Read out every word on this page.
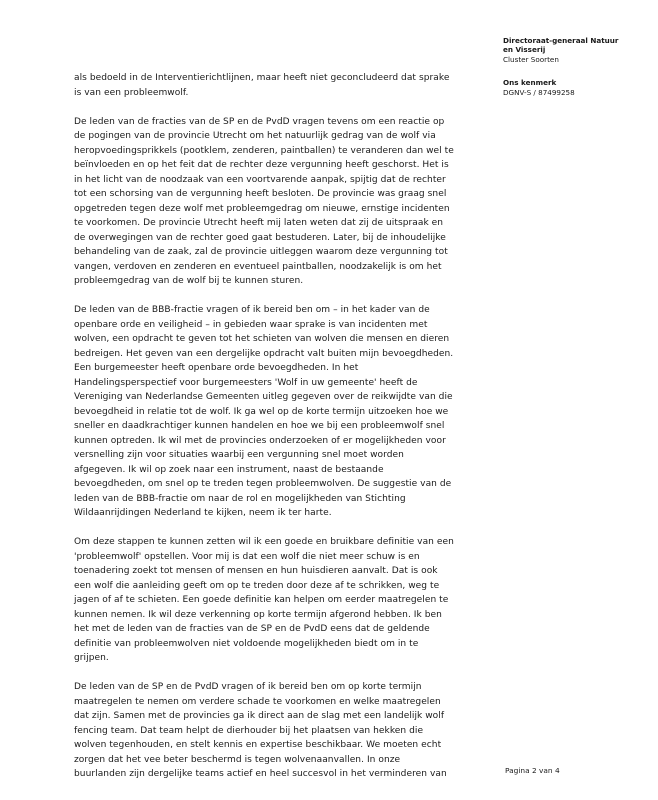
Directoraat-generaal Natuur
en Visserij
Cluster Soorten
Ons kenmerk
DGNV-S / 87499258
als bedoeld in de Interventierichtlijnen, maar heeft niet geconcludeerd dat sprake
is van een probleemwolf.
De leden van de fracties van de SP en de PvdD vragen tevens om een reactie op
de pogingen van de provincie Utrecht om het natuurlijk gedrag van de wolf via
heropvoedingsprikkels (pootklem, zenderen, paintballen) te veranderen dan wel te
beïnvloeden en op het feit dat de rechter deze vergunning heeft geschorst. Het is
in het licht van de noodzaak van een voortvarende aanpak, spijtig dat de rechter
tot een schorsing van de vergunning heeft besloten. De provincie was graag snel
opgetreden tegen deze wolf met probleemgedrag om nieuwe, ernstige incidenten
te voorkomen. De provincie Utrecht heeft mij laten weten dat zij de uitspraak en
de overwegingen van de rechter goed gaat bestuderen. Later, bij de inhoudelijke
behandeling van de zaak, zal de provincie uitleggen waarom deze vergunning tot
vangen, verdoven en zenderen en eventueel paintballen, noodzakelijk is om het
probleemgedrag van de wolf bij te kunnen sturen.
De leden van de BBB-fractie vragen of ik bereid ben om – in het kader van de
openbare orde en veiligheid – in gebieden waar sprake is van incidenten met
wolven, een opdracht te geven tot het schieten van wolven die mensen en dieren
bedreigen. Het geven van een dergelijke opdracht valt buiten mijn bevoegdheden.
Een burgemeester heeft openbare orde bevoegdheden. In het
Handelingsperspectief voor burgemeesters 'Wolf in uw gemeente' heeft de
Vereniging van Nederlandse Gemeenten uitleg gegeven over de reikwijdte van die
bevoegdheid in relatie tot de wolf. Ik ga wel op de korte termijn uitzoeken hoe we
sneller en daadkrachtiger kunnen handelen en hoe we bij een probleemwolf snel
kunnen optreden. Ik wil met de provincies onderzoeken of er mogelijkheden voor
versnelling zijn voor situaties waarbij een vergunning snel moet worden
afgegeven. Ik wil op zoek naar een instrument, naast de bestaande
bevoegdheden, om snel op te treden tegen probleemwolven. De suggestie van de
leden van de BBB-fractie om naar de rol en mogelijkheden van Stichting
Wildaanrijdingen Nederland te kijken, neem ik ter harte.
Om deze stappen te kunnen zetten wil ik een goede en bruikbare definitie van een
'probleemwolf' opstellen. Voor mij is dat een wolf die niet meer schuw is en
toenadering zoekt tot mensen of mensen en hun huisdieren aanvalt. Dat is ook
een wolf die aanleiding geeft om op te treden door deze af te schrikken, weg te
jagen of af te schieten. Een goede definitie kan helpen om eerder maatregelen te
kunnen nemen. Ik wil deze verkenning op korte termijn afgerond hebben. Ik ben
het met de leden van de fracties van de SP en de PvdD eens dat de geldende
definitie van probleemwolven niet voldoende mogelijkheden biedt om in te
grijpen.
De leden van de SP en de PvdD vragen of ik bereid ben om op korte termijn
maatregelen te nemen om verdere schade te voorkomen en welke maatregelen
dat zijn. Samen met de provincies ga ik direct aan de slag met een landelijk wolf
fencing team. Dat team helpt de dierhouder bij het plaatsen van hekken die
wolven tegenhouden, en stelt kennis en expertise beschikbaar. We moeten echt
zorgen dat het vee beter beschermd is tegen wolvenaanvallen. In onze
buurlanden zijn dergelijke teams actief en heel succesvol in het verminderen van	Pagina 2 van 4
